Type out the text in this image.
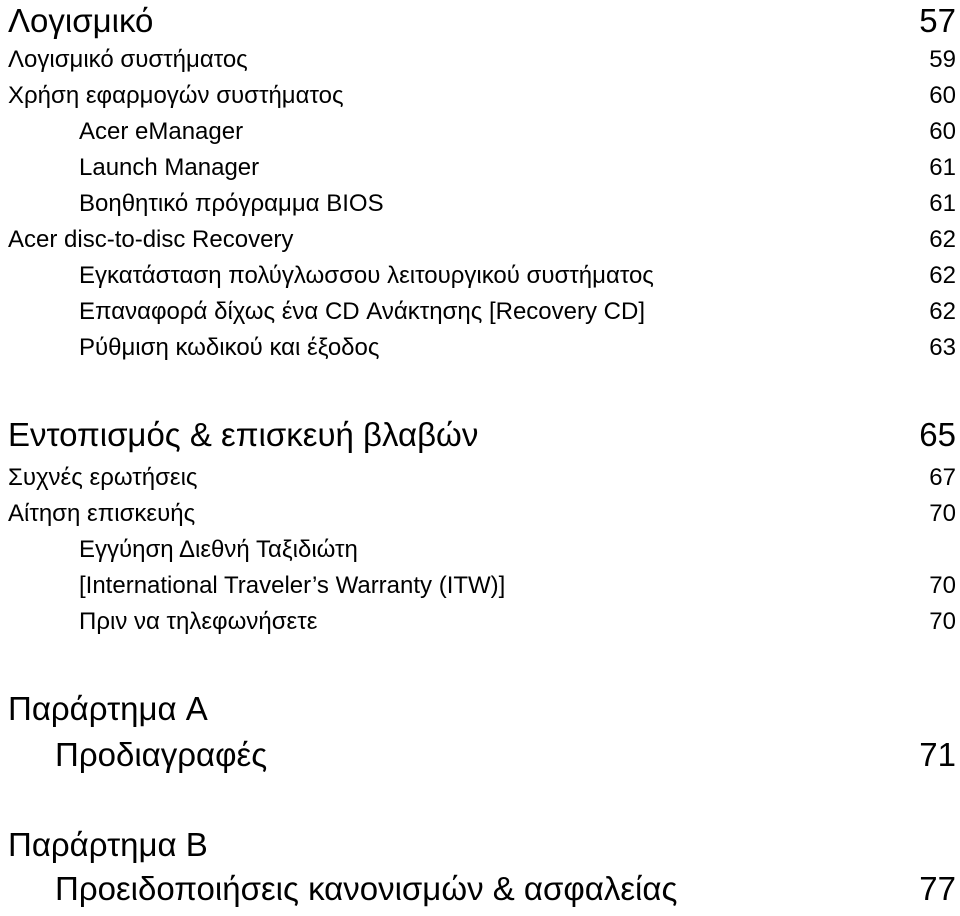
Λογισμικό	57
Λογισμικό συστήματος	59
Χρήση εφαρμογών συστήματος	60
Acer eManager	60
Launch Manager	61
Βοηθητικό πρόγραμμα BIOS	61
Acer disc-to-disc Recovery	62
Εγκατάσταση πολύγλωσσου λειτουργικού συστήματος	62
Επαναφορά δίχως ένα CD Ανάκτησης [Recovery CD]	62
Ρύθμιση κωδικού και έξοδος	63
Εντοπισμός & επισκευή βλαβών	65
Συχνές ερωτήσεις	67
Αίτηση επισκευής	70
Εγγύηση Διεθνή Ταξιδιώτη
[International Traveler’s Warranty (ITW)]	70
Πριν να τηλεφωνήσετε	70
Παράρτημα A
Προδιαγραφές	71
Παράρτημα B
Προειδοποιήσεις κανονισμών & ασφαλείας	77
